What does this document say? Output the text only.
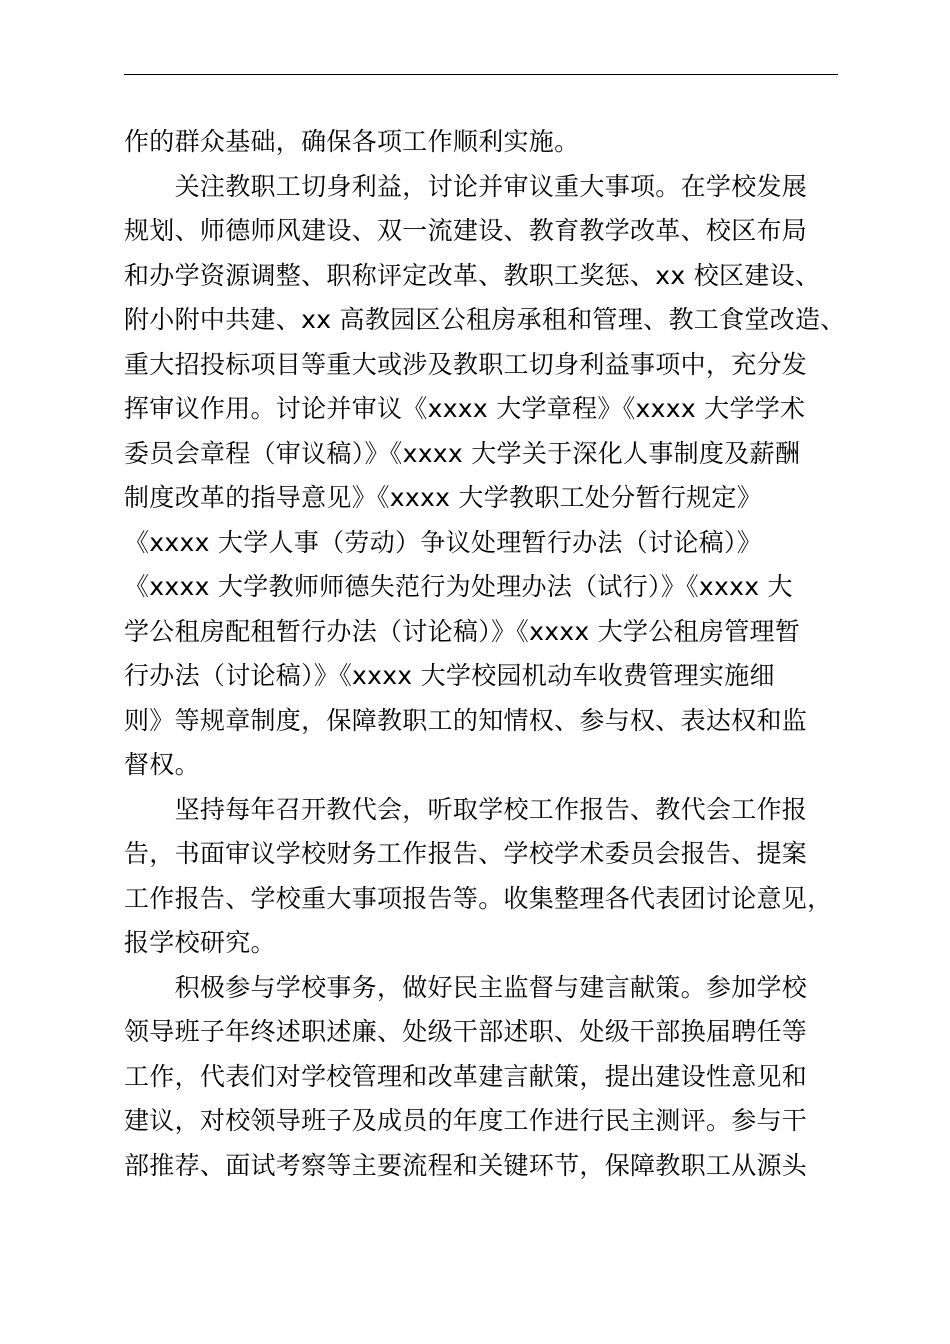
作的群众基础，确保各项工作顺利实施。
　　关注教职工切身利益，讨论并审议重大事项。在学校发展
规划、师德师风建设、双一流建设、教育教学改革、校区布局
和办学资源调整、职称评定改革、教职工奖惩、xx 校区建设、
附小附中共建、xx 高教园区公租房承租和管理、教工食堂改造、
重大招投标项目等重大或涉及教职工切身利益事项中，充分发
挥审议作用。讨论并审议《xxxx 大学章程》《xxxx 大学学术
委员会章程（审议稿）》《xxxx 大学关于深化人事制度及薪酬
制度改革的指导意见》《xxxx 大学教职工处分暂行规定》
《xxxx 大学人事（劳动）争议处理暂行办法（讨论稿）》
《xxxx 大学教师师德失范行为处理办法（试行）》《xxxx 大
学公租房配租暂行办法（讨论稿）》《xxxx 大学公租房管理暂
行办法（讨论稿）》《xxxx 大学校园机动车收费管理实施细
则》等规章制度，保障教职工的知情权、参与权、表达权和监
督权。
　　坚持每年召开教代会，听取学校工作报告、教代会工作报
告，书面审议学校财务工作报告、学校学术委员会报告、提案
工作报告、学校重大事项报告等。收集整理各代表团讨论意见，
报学校研究。
　　积极参与学校事务，做好民主监督与建言献策。参加学校
领导班子年终述职述廉、处级干部述职、处级干部换届聘任等
工作，代表们对学校管理和改革建言献策，提出建设性意见和
建议，对校领导班子及成员的年度工作进行民主测评。参与干
部推荐、面试考察等主要流程和关键环节，保障教职工从源头
